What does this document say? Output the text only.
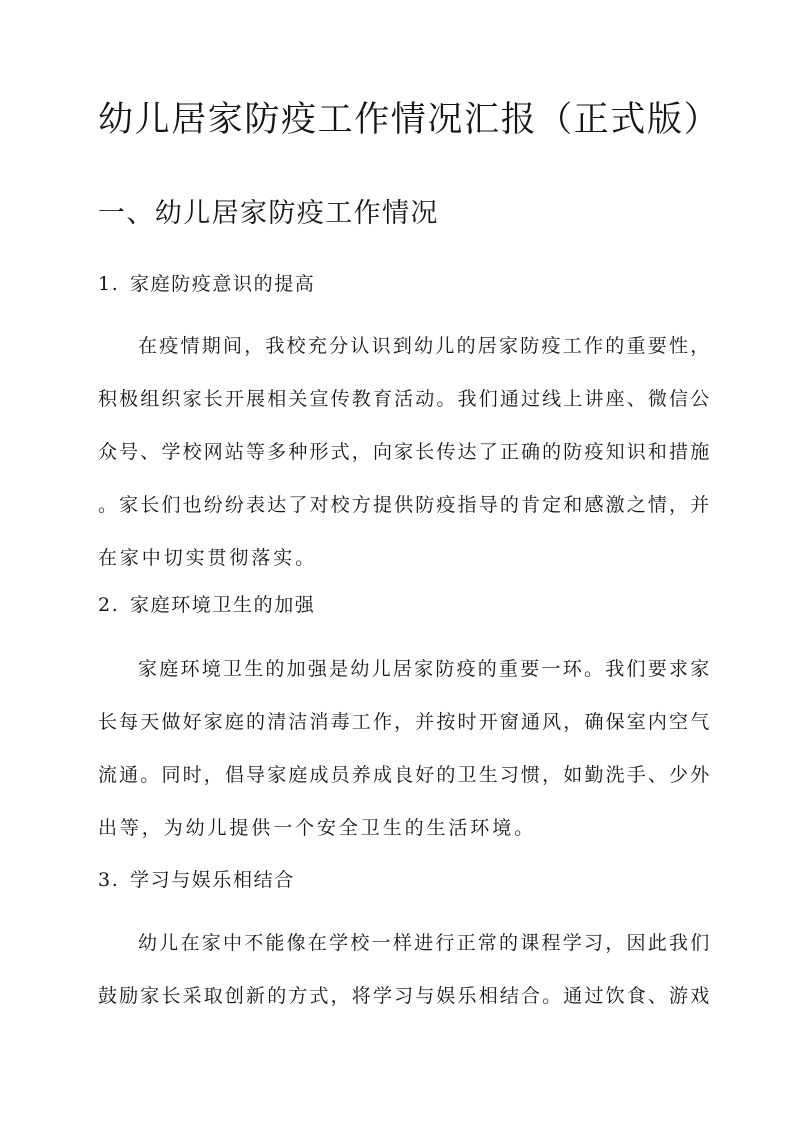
幼儿居家防疫工作情况汇报（正式版）
一、幼儿居家防疫工作情况
1. 家庭防疫意识的提高
在疫情期间，我校充分认识到幼儿的居家防疫工作的重要性，
积极组织家长开展相关宣传教育活动。我们通过线上讲座、微信公
众号、学校网站等多种形式，向家长传达了正确的防疫知识和措施
。家长们也纷纷表达了对校方提供防疫指导的肯定和感激之情，并
在家中切实贯彻落实。
2. 家庭环境卫生的加强
家庭环境卫生的加强是幼儿居家防疫的重要一环。我们要求家
长每天做好家庭的清洁消毒工作，并按时开窗通风，确保室内空气
流通。同时，倡导家庭成员养成良好的卫生习惯，如勤洗手、少外
出等，为幼儿提供一个安全卫生的生活环境。
3. 学习与娱乐相结合
幼儿在家中不能像在学校一样进行正常的课程学习，因此我们
鼓励家长采取创新的方式，将学习与娱乐相结合。通过饮食、游戏
